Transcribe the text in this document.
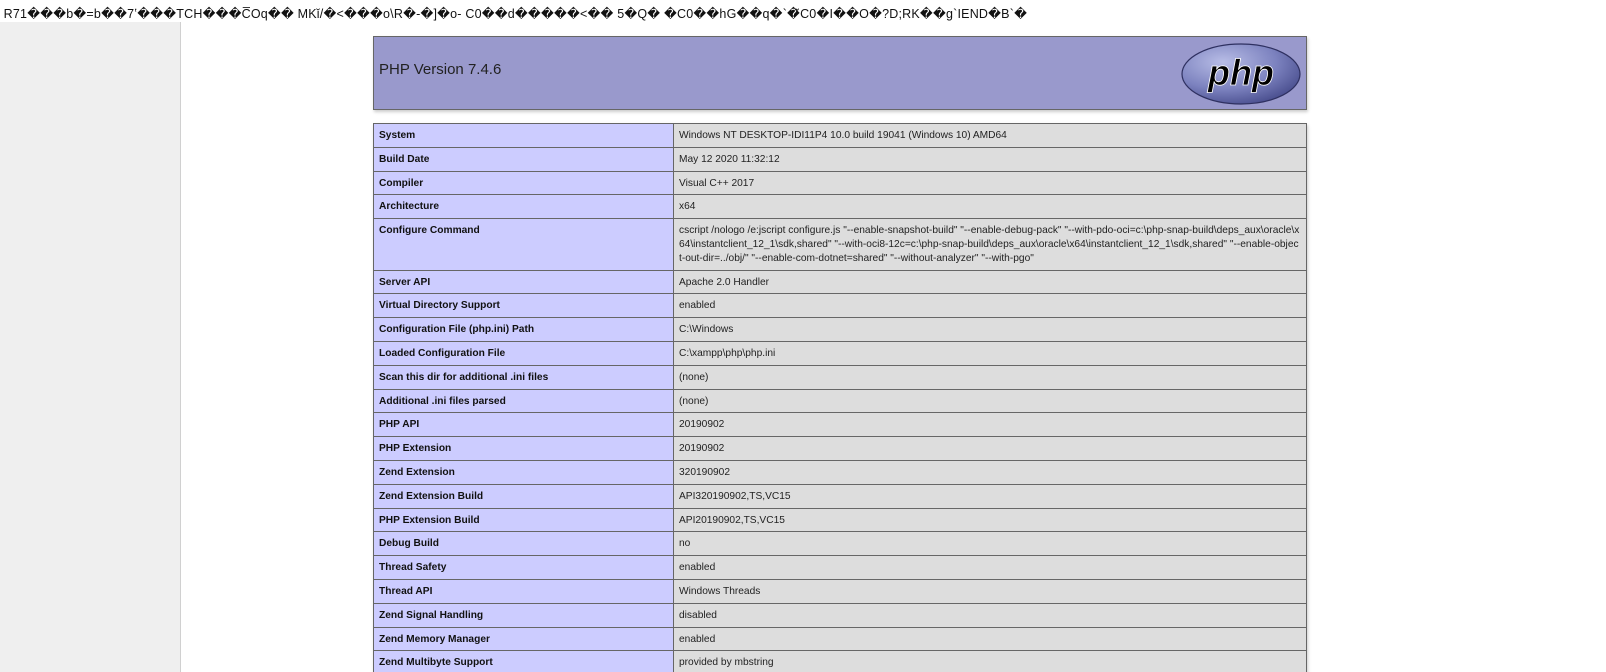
R71���b�=b��7ʽ���TCH���C̅Oq�� MKǐ/�<���o\R�-�]�o- C0��d�����<�� 5�Q� �C0��hG��q�`�̃C0�I��O�?D;RK��g`IEND�B`�
PHP Version 7.4.6	php
System	Windows NT DESKTOP-IDI11P4 10.0 build 19041 (Windows 10) AMD64
Build Date	May 12 2020 11:32:12
Compiler	Visual C++ 2017
Architecture	x64
Configure Command	cscript /nologo /e:jscript configure.js "--enable-snapshot-build" "--enable-debug-pack" "--with-pdo-oci=c:\php-snap-build\deps_aux\oracle\x64\instantclient_12_1\sdk,shared" "--with-oci8-12c=c:\php-snap-build\deps_aux\oracle\x64\instantclient_12_1\sdk,shared" "--enable-object-out-dir=../obj/" "--enable-com-dotnet=shared" "--without-analyzer" "--with-pgo"
Server API	Apache 2.0 Handler
Virtual Directory Support	enabled
Configuration File (php.ini) Path	C:\Windows
Loaded Configuration File	C:\xampp\php\php.ini
Scan this dir for additional .ini files	(none)
Additional .ini files parsed	(none)
PHP API	20190902
PHP Extension	20190902
Zend Extension	320190902
Zend Extension Build	API320190902,TS,VC15
PHP Extension Build	API20190902,TS,VC15
Debug Build	no
Thread Safety	enabled
Thread API	Windows Threads
Zend Signal Handling	disabled
Zend Memory Manager	enabled
Zend Multibyte Support	provided by mbstring
